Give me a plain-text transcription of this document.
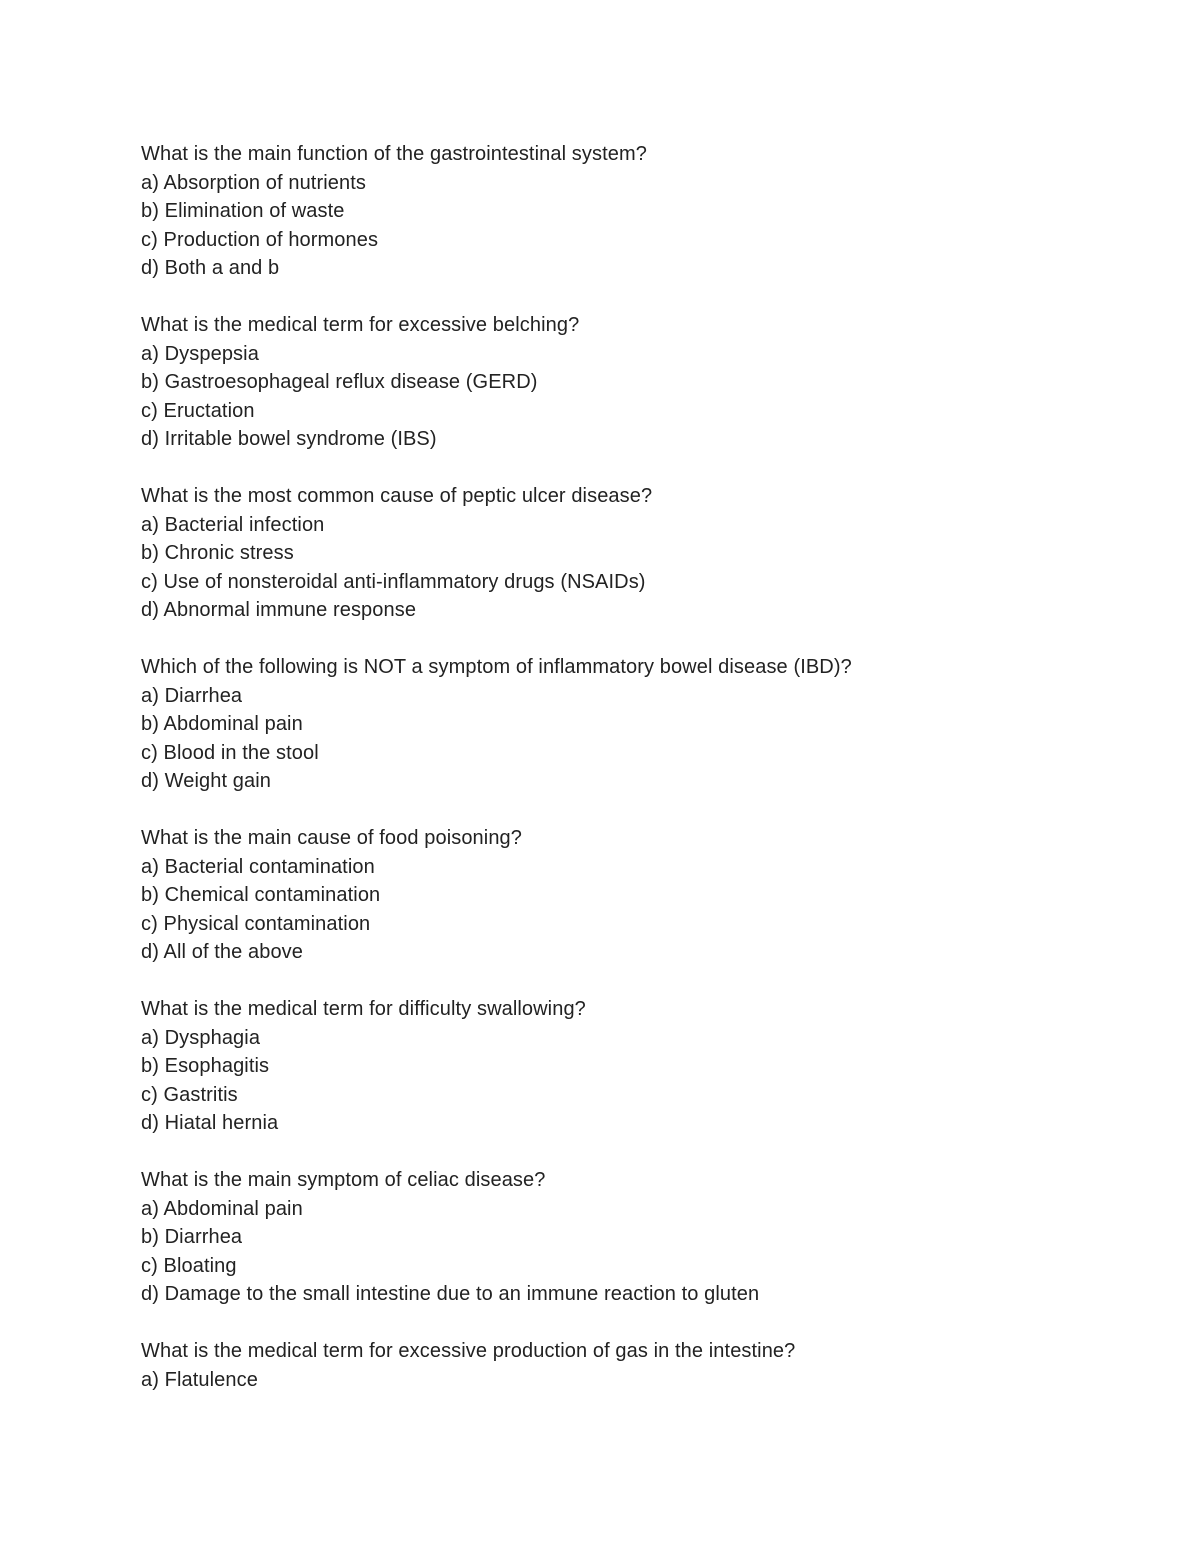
What is the main function of the gastrointestinal system?
a) Absorption of nutrients
b) Elimination of waste
c) Production of hormones
d) Both a and b
What is the medical term for excessive belching?
a) Dyspepsia
b) Gastroesophageal reflux disease (GERD)
c) Eructation
d) Irritable bowel syndrome (IBS)
What is the most common cause of peptic ulcer disease?
a) Bacterial infection
b) Chronic stress
c) Use of nonsteroidal anti-inflammatory drugs (NSAIDs)
d) Abnormal immune response
Which of the following is NOT a symptom of inflammatory bowel disease (IBD)?
a) Diarrhea
b) Abdominal pain
c) Blood in the stool
d) Weight gain
What is the main cause of food poisoning?
a) Bacterial contamination
b) Chemical contamination
c) Physical contamination
d) All of the above
What is the medical term for difficulty swallowing?
a) Dysphagia
b) Esophagitis
c) Gastritis
d) Hiatal hernia
What is the main symptom of celiac disease?
a) Abdominal pain
b) Diarrhea
c) Bloating
d) Damage to the small intestine due to an immune reaction to gluten
What is the medical term for excessive production of gas in the intestine?
a) Flatulence
